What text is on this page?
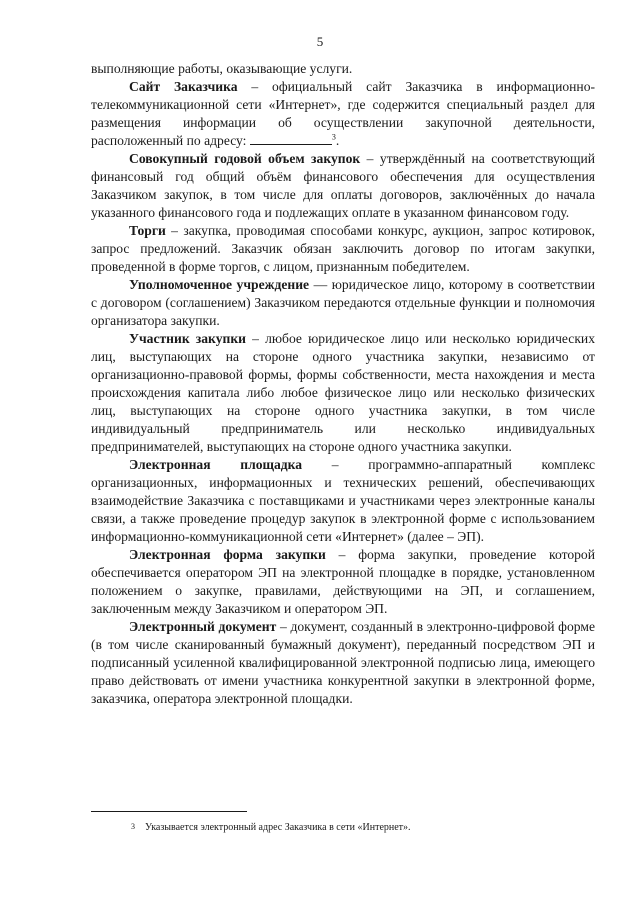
5

выполняющие работы, оказывающие услуги.

Сайт Заказчика – официальный сайт Заказчика в информационно-телекоммуникационной сети «Интернет», где содержится специальный раздел для размещения информации об осуществлении закупочной деятельности, расположенный по адресу:	$^3$.

Совокупный годовой объем закупок – утверждённый на соответствующий финансовый год общий объём финансового обеспечения для осуществления Заказчиком закупок, в том числе для оплаты договоров, заключённых до начала указанного финансового года и подлежащих оплате в указанном финансовом году.

Торги – закупка, проводимая способами конкурс, аукцион, запрос котировок, запрос предложений. Заказчик обязан заключить договор по итогам закупки, проведенной в форме торгов, с лицом, признанным победителем.

Уполномоченное учреждение — юридическое лицо, которому в соответствии с договором (соглашением) Заказчиком передаются отдельные функции и полномочия организатора закупки.

Участник закупки – любое юридическое лицо или несколько юридических лиц, выступающих на стороне одного участника закупки, независимо от организационно-правовой формы, формы собственности, места нахождения и места происхождения капитала либо любое физическое лицо или несколько физических лиц, выступающих на стороне одного участника закупки, в том числе индивидуальный предприниматель или несколько индивидуальных предпринимателей, выступающих на стороне одного участника закупки.

Электронная площадка – программно-аппаратный комплекс организационных, информационных и технических решений, обеспечивающих взаимодействие Заказчика с поставщиками и участниками через электронные каналы связи, а также проведение процедур закупок в электронной форме с использованием информационно-коммуникационной сети «Интернет» (далее – ЭП).

Электронная форма закупки – форма закупки, проведение которой обеспечивается оператором ЭП на электронной площадке в порядке, установленном положением о закупке, правилами, действующими на ЭП, и соглашением, заключенным между Заказчиком и оператором ЭП.

Электронный документ – документ, созданный в электронно-цифровой форме (в том числе сканированный бумажный документ), переданный посредством ЭП и подписанный усиленной квалифицированной электронной подписью лица, имеющего право действовать от имени участника конкурентной закупки в электронной форме, заказчика, оператора электронной площадки.

$^3$ Указывается электронный адрес Заказчика в сети «Интернет».
